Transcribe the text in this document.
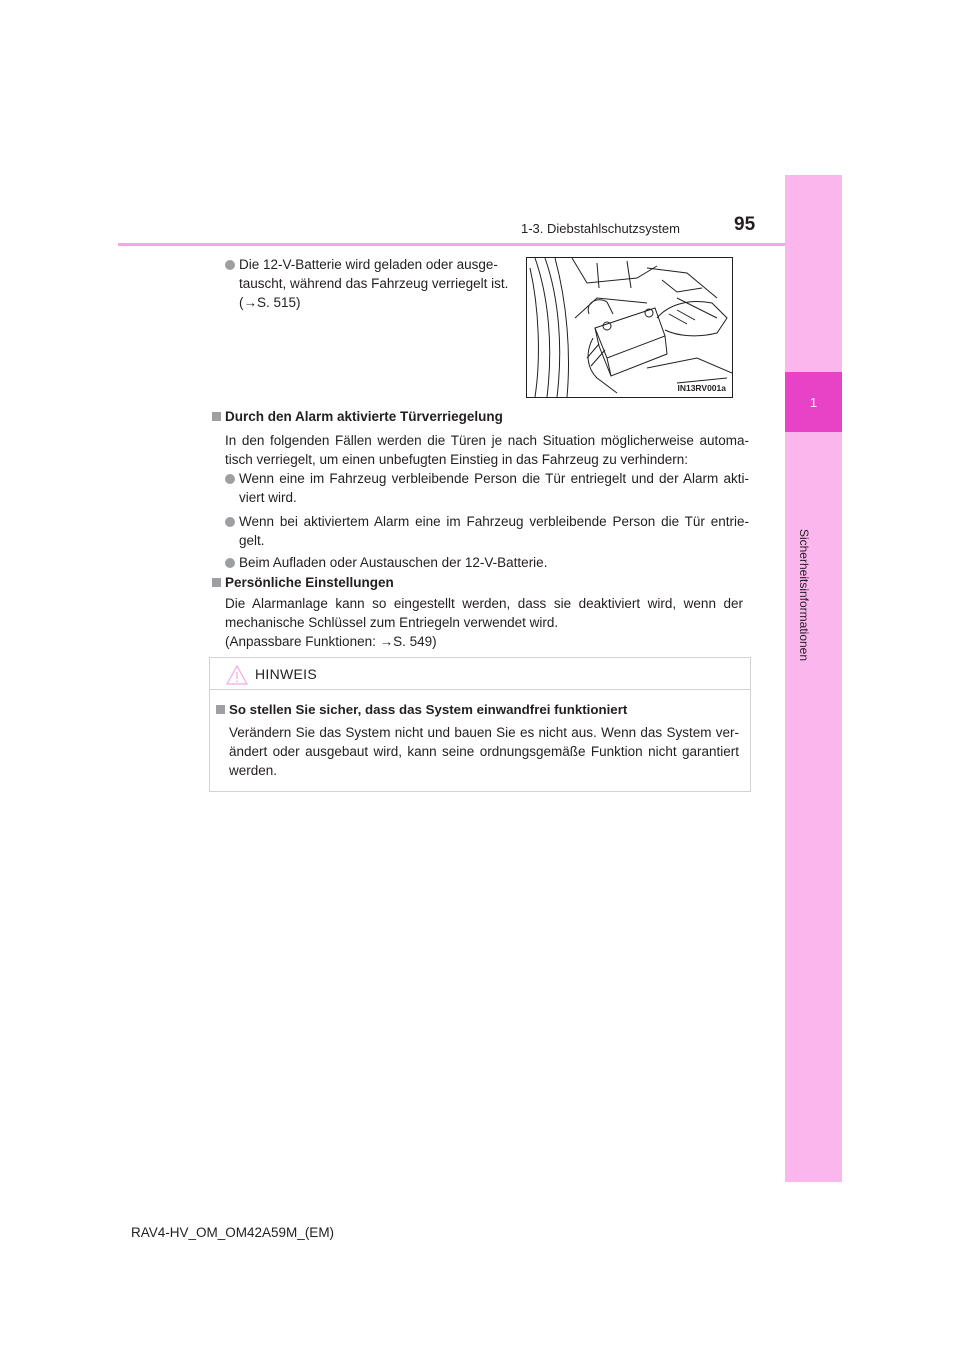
1
Sicherheitsinformationen
1-3. Diebstahlschutzsystem	95
Die 12-V-Batterie wird geladen oder ausge-
tauscht, während das Fahrzeug verriegelt ist.
(→S. 515)
IN13RV001a
Durch den Alarm aktivierte Türverriegelung
In den folgenden Fällen werden die Türen je nach Situation möglicherweise automa-
tisch verriegelt, um einen unbefugten Einstieg in das Fahrzeug zu verhindern:
Wenn eine im Fahrzeug verbleibende Person die Tür entriegelt und der Alarm akti-
viert wird.
Wenn bei aktiviertem Alarm eine im Fahrzeug verbleibende Person die Tür entrie-
gelt.
Beim Aufladen oder Austauschen der 12-V-Batterie.
Persönliche Einstellungen
Die Alarmanlage kann so eingestellt werden, dass sie deaktiviert wird, wenn der
mechanische Schlüssel zum Entriegeln verwendet wird.
(Anpassbare Funktionen: →S. 549)
HINWEIS
So stellen Sie sicher, dass das System einwandfrei funktioniert
Verändern Sie das System nicht und bauen Sie es nicht aus. Wenn das System ver-
ändert oder ausgebaut wird, kann seine ordnungsgemäße Funktion nicht garantiert
werden.
RAV4-HV_OM_OM42A59M_(EM)
